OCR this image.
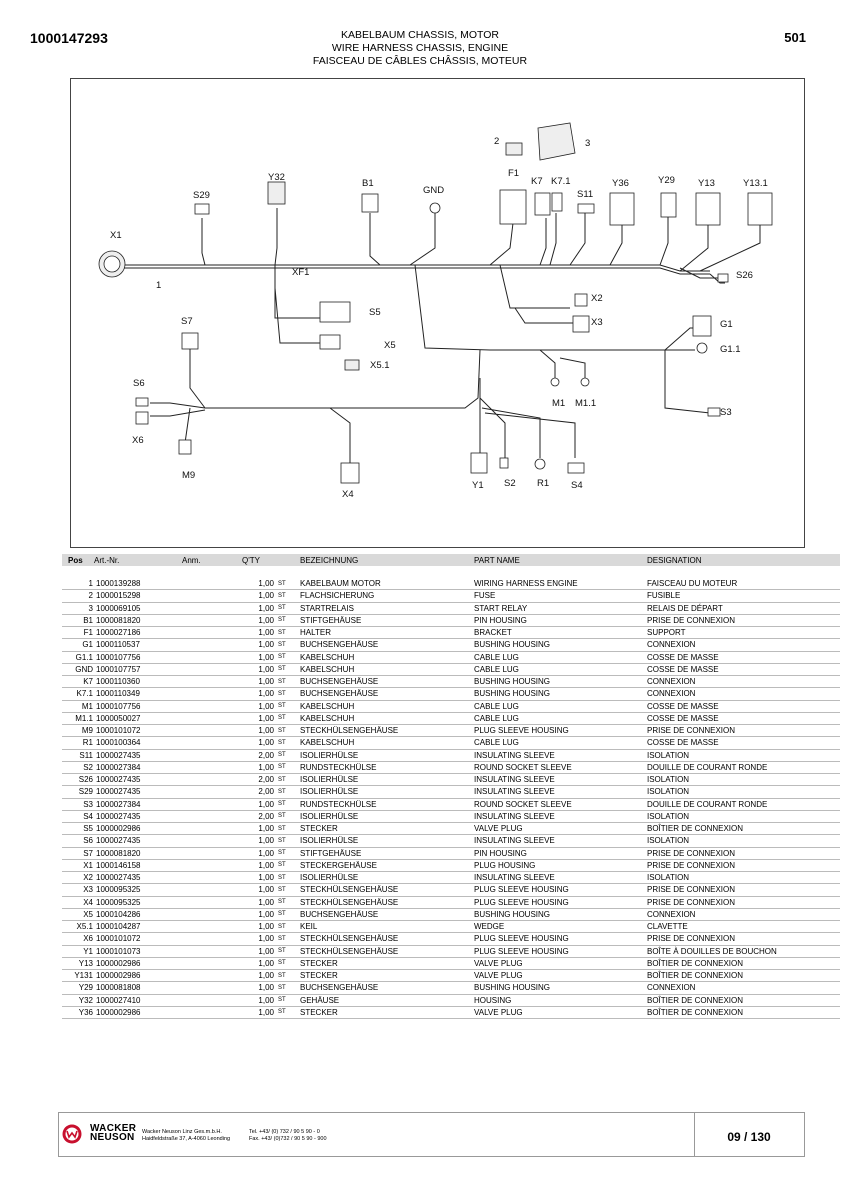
1000147293	KABELBAUM CHASSIS, MOTOR
WIRE HARNESS CHASSIS, ENGINE
FAISCEAU DE CÂBLES CHÂSSIS, MOTEUR
501
X1
1
S29
Y32
XF1
B1
GND
2	3
F1
K7 K7.1
S11
Y36	Y29 Y13	Y13.1
S26
X2
X3
S5
X5
X5.1
S7	G1
G1.1
M1 M1.1
S3
S6
X6
M9
X4
Y1 S2 R1 S4
Pos Art.-Nr.	Anm.	Q'TY	BEZEICHNUNG	PART NAME	DESIGNATION
1 1000139288	1,00 ST KABELBAUM MOTOR	WIRING HARNESS ENGINE	FAISCEAU DU MOTEUR
2 1000015298	1,00 ST FLACHSICHERUNG	FUSE	FUSIBLE
3 1000069105	1,00 ST STARTRELAIS	START RELAY	RELAIS DE DÉPART
B1 1000081820	1,00 ST STIFTGEHÄUSE	PIN HOUSING	PRISE DE CONNEXION
F1 1000027186	1,00 ST HALTER	BRACKET	SUPPORT
G1 1000110537	1,00 ST BUCHSENGEHÄUSE	BUSHING HOUSING	CONNEXION
G1.1 1000107756	1,00 ST KABELSCHUH	CABLE LUG	COSSE DE MASSE
GND 1000107757	1,00 ST KABELSCHUH	CABLE LUG	COSSE DE MASSE
K7 1000110360	1,00 ST BUCHSENGEHÄUSE	BUSHING HOUSING	CONNEXION
K7.1 1000110349	1,00 ST BUCHSENGEHÄUSE	BUSHING HOUSING	CONNEXION
M1 1000107756	1,00 ST KABELSCHUH	CABLE LUG	COSSE DE MASSE
M1.1 1000050027	1,00 ST KABELSCHUH	CABLE LUG	COSSE DE MASSE
M9 1000101072	1,00 ST STECKHÜLSENGEHÄUSE	PLUG SLEEVE HOUSING	PRISE DE CONNEXION
R1 1000100364	1,00 ST KABELSCHUH	CABLE LUG	COSSE DE MASSE
S11 1000027435	2,00 ST ISOLIERHÜLSE	INSULATING SLEEVE	ISOLATION
S2 1000027384	1,00 ST RUNDSTECKHÜLSE	ROUND SOCKET SLEEVE	DOUILLE DE COURANT RONDE
S26 1000027435	2,00 ST ISOLIERHÜLSE	INSULATING SLEEVE	ISOLATION
S29 1000027435	2,00 ST ISOLIERHÜLSE	INSULATING SLEEVE	ISOLATION
S3 1000027384	1,00 ST RUNDSTECKHÜLSE	ROUND SOCKET SLEEVE	DOUILLE DE COURANT RONDE
S4 1000027435	2,00 ST ISOLIERHÜLSE	INSULATING SLEEVE	ISOLATION
S5 1000002986	1,00 ST STECKER	VALVE PLUG	BOÎTIER DE CONNEXION
S6 1000027435	1,00 ST ISOLIERHÜLSE	INSULATING SLEEVE	ISOLATION
S7 1000081820	1,00 ST STIFTGEHÄUSE	PIN HOUSING	PRISE DE CONNEXION
X1 1000146158	1,00 ST STECKERGEHÄUSE	PLUG HOUSING	PRISE DE CONNEXION
X2 1000027435	1,00 ST ISOLIERHÜLSE	INSULATING SLEEVE	ISOLATION
X3 1000095325	1,00 ST STECKHÜLSENGEHÄUSE	PLUG SLEEVE HOUSING	PRISE DE CONNEXION
X4 1000095325	1,00 ST STECKHÜLSENGEHÄUSE	PLUG SLEEVE HOUSING	PRISE DE CONNEXION
X5 1000104286	1,00 ST BUCHSENGEHÄUSE	BUSHING HOUSING	CONNEXION
X5.1 1000104287	1,00 ST KEIL	WEDGE	CLAVETTE
X6 1000101072	1,00 ST STECKHÜLSENGEHÄUSE	PLUG SLEEVE HOUSING	PRISE DE CONNEXION
Y1 1000101073	1,00 ST STECKHÜLSENGEHÄUSE	PLUG SLEEVE HOUSING	BOÎTE À DOUILLES DE BOUCHON
Y13 1000002986	1,00 ST STECKER	VALVE PLUG	BOÎTIER DE CONNEXION
Y131 1000002986	1,00 ST STECKER	VALVE PLUG	BOÎTIER DE CONNEXION
Y29 1000081808	1,00 ST BUCHSENGEHÄUSE	BUSHING HOUSING	CONNEXION
Y32 1000027410	1,00 ST GEHÄUSE	HOUSING	BOÎTIER DE CONNEXION
Y36 1000002986	1,00 ST STECKER	VALVE PLUG	BOÎTIER DE CONNEXION
WACKER
NEUSON	Wacker Neuson Linz Ges.m.b.H.
Haidfeldstraße 37, A-4060 Leonding
Tel. +43/ (0) 732 / 90 5 90 - 0
Fax. +43/ (0)732 / 90 5 90 - 900	09 / 130
